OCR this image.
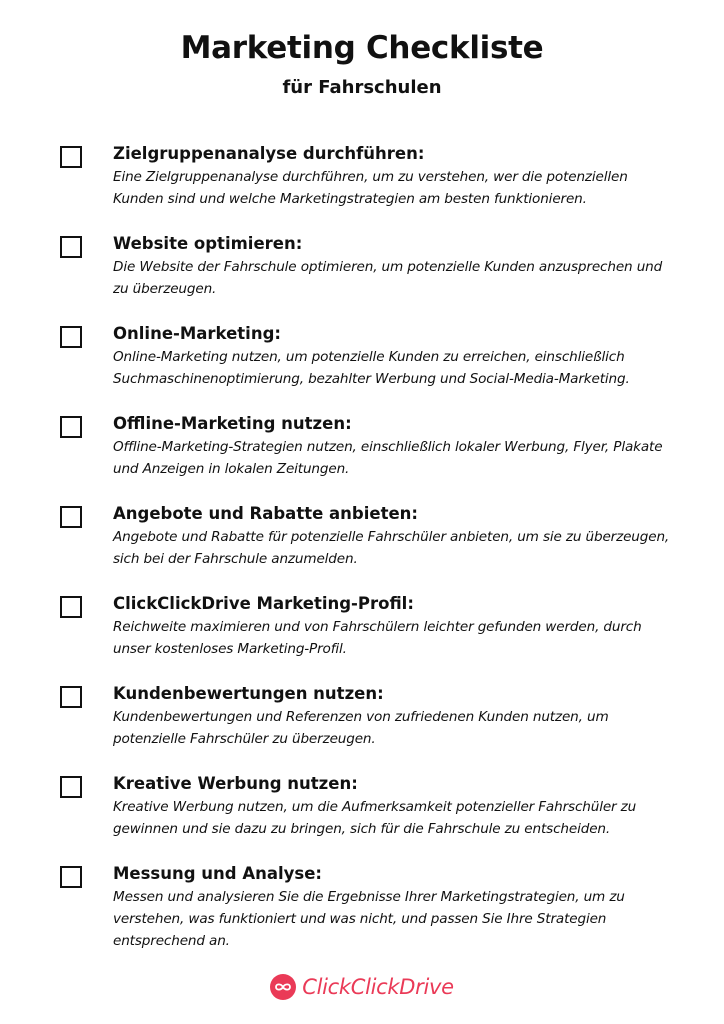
Marketing Checkliste
für Fahrschulen
Zielgruppenanalyse durchführen:
Eine Zielgruppenanalyse durchführen, um zu verstehen, wer die potenziellen Kunden sind und welche Marketingstrategien am besten funktionieren.
Website optimieren:
Die Website der Fahrschule optimieren, um potenzielle Kunden anzusprechen und zu überzeugen.
Online-Marketing:
Online-Marketing nutzen, um potenzielle Kunden zu erreichen, einschließlich Suchmaschinenoptimierung, bezahlter Werbung und Social-Media-Marketing.
Offline-Marketing nutzen:
Offline-Marketing-Strategien nutzen, einschließlich lokaler Werbung, Flyer, Plakate und Anzeigen in lokalen Zeitungen.
Angebote und Rabatte anbieten:
Angebote und Rabatte für potenzielle Fahrschüler anbieten, um sie zu überzeugen, sich bei der Fahrschule anzumelden.
ClickClickDrive Marketing-Profil:
Reichweite maximieren und von Fahrschülern leichter gefunden werden, durch unser kostenloses Marketing-Profil.
Kundenbewertungen nutzen:
Kundenbewertungen und Referenzen von zufriedenen Kunden nutzen, um potenzielle Fahrschüler zu überzeugen.
Kreative Werbung nutzen:
Kreative Werbung nutzen, um die Aufmerksamkeit potenzieller Fahrschüler zu gewinnen und sie dazu zu bringen, sich für die Fahrschule zu entscheiden.
Messung und Analyse:
Messen und analysieren Sie die Ergebnisse Ihrer Marketingstrategien, um zu verstehen, was funktioniert und was nicht, und passen Sie Ihre Strategien entsprechend an.
ClickClickDrive
